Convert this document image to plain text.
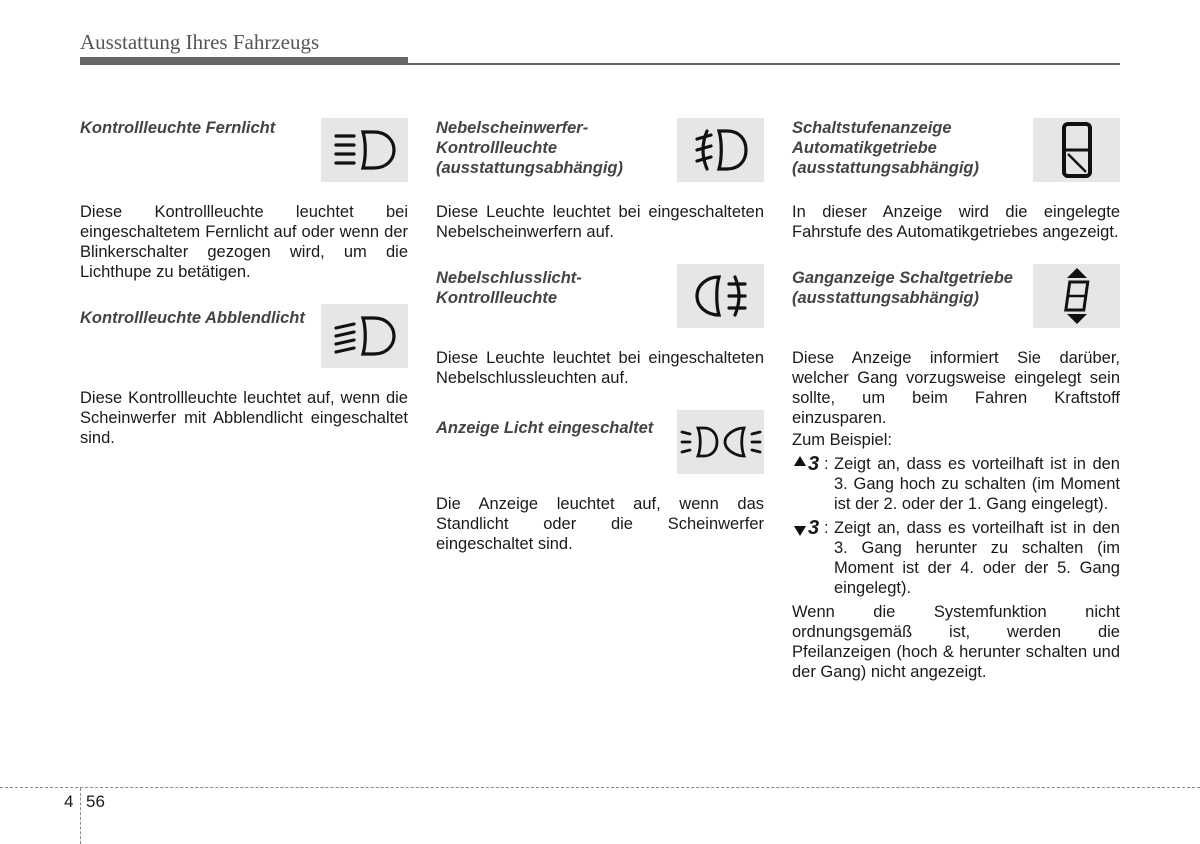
Ausstattung Ihres Fahrzeugs
Kontrollleuchte Fernlicht
Diese Kontrollleuchte leuchtet bei eingeschaltetem Fernlicht auf oder wenn der Blinkerschalter gezogen wird, um die Lichthupe zu betätigen.
Kontrollleuchte Abblendlicht
Diese Kontrollleuchte leuchtet auf, wenn die Scheinwerfer mit Abblendlicht eingeschaltet sind.
Nebelscheinwerfer-Kontrollleuchte (ausstattungsabhängig)
Diese Leuchte leuchtet bei eingeschalteten Nebelscheinwerfern auf.
Nebelschlusslicht-Kontrollleuchte
Diese Leuchte leuchtet bei eingeschalteten Nebelschlussleuchten auf.
Anzeige Licht eingeschaltet
Die Anzeige leuchtet auf, wenn das Standlicht oder die Scheinwerfer eingeschaltet sind.
Schaltstufenanzeige Automatikgetriebe (ausstattungsabhängig)
In dieser Anzeige wird die eingelegte Fahrstufe des Automatikgetriebes angezeigt.
Ganganzeige Schaltgetriebe (ausstattungsabhängig)
Diese Anzeige informiert Sie darüber, welcher Gang vorzugsweise eingelegt sein sollte, um beim Fahren Kraftstoff einzusparen.
Zum Beispiel:
3 : Zeigt an, dass es vorteilhaft ist in den 3. Gang hoch zu schalten (im Moment ist der 2. oder der 1. Gang eingelegt).
3 : Zeigt an, dass es vorteilhaft ist in den 3. Gang herunter zu schalten (im Moment ist der 4. oder der 5. Gang eingelegt).
Wenn die Systemfunktion nicht ordnungsgemäß ist, werden die Pfeilanzeigen (hoch & herunter schalten und der Gang) nicht angezeigt.
4 56
